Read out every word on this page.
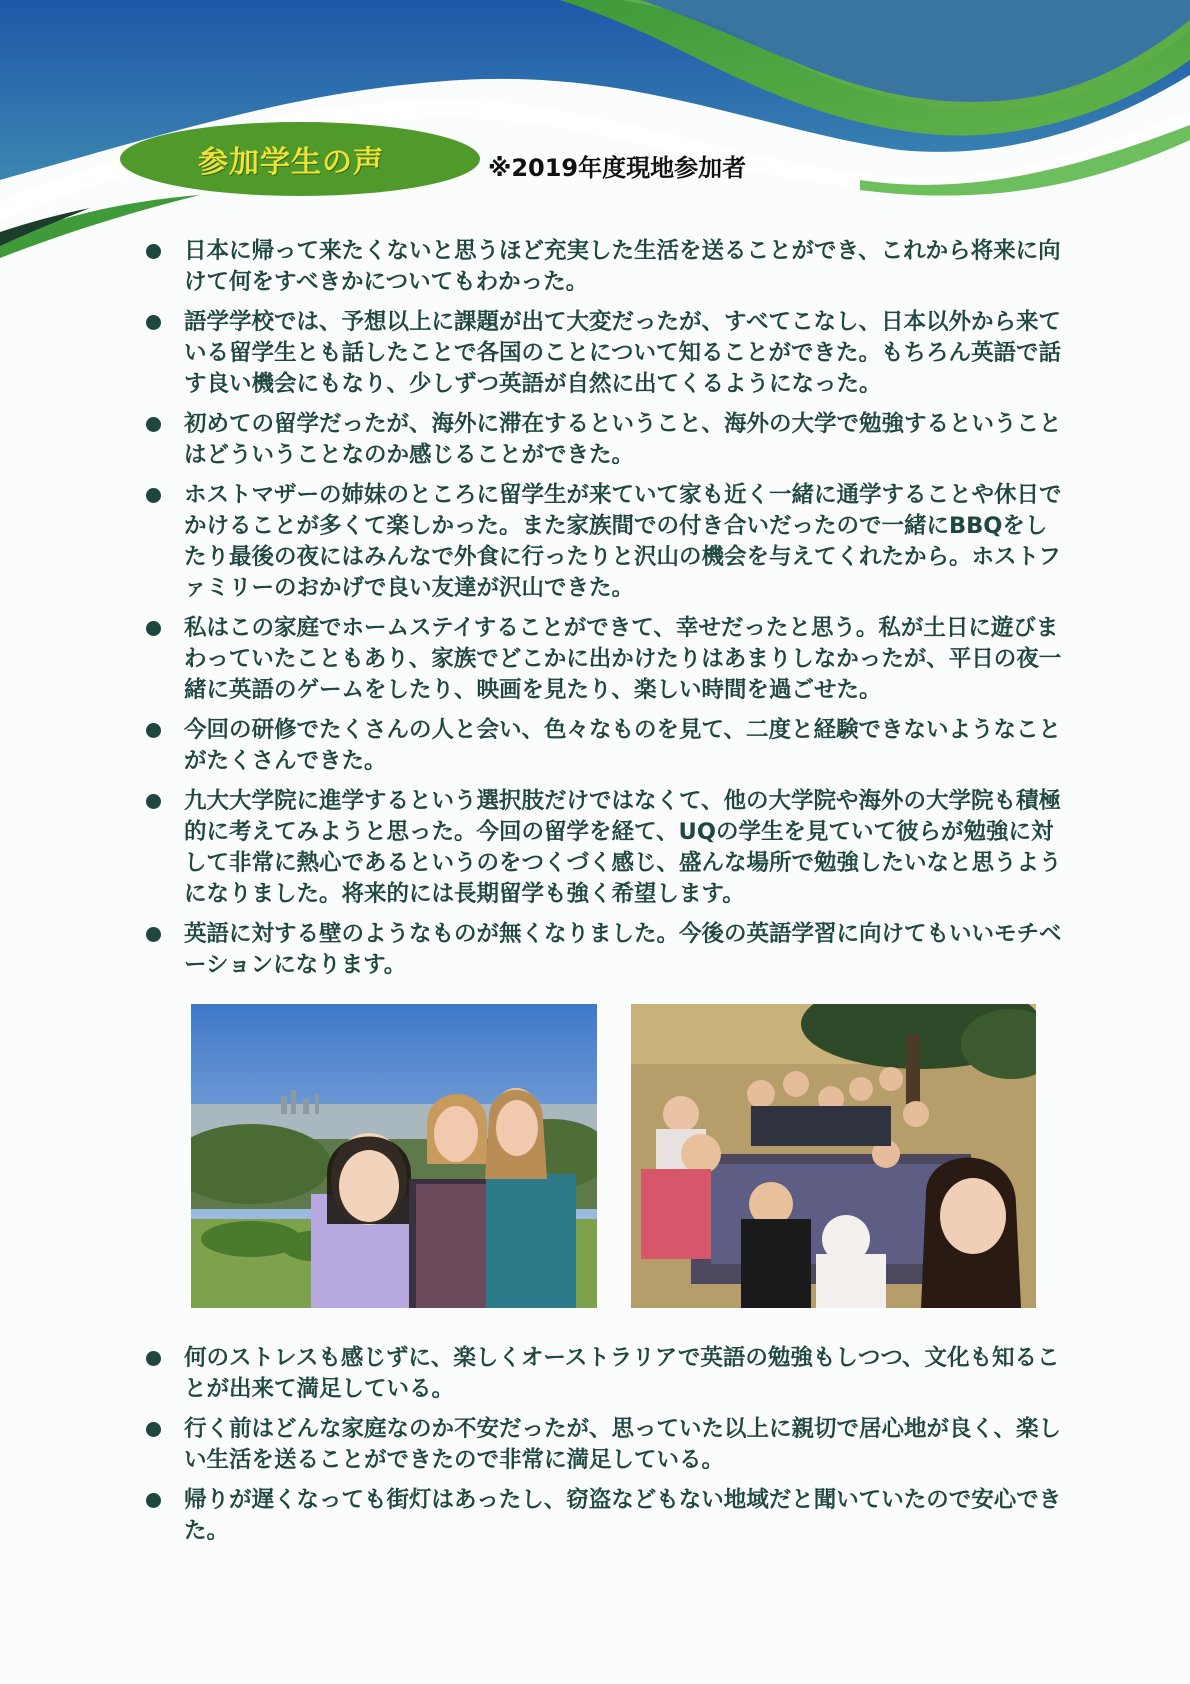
参加学生の声	※2019年度現地参加者
日本に帰って来たくないと思うほど充実した生活を送ることができ、これから将来に向けて何をすべきかについてもわかった。
語学学校では、予想以上に課題が出て大変だったが、すべてこなし、日本以外から来ている留学生とも話したことで各国のことについて知ることができた。もちろん英語で話す良い機会にもなり、少しずつ英語が自然に出てくるようになった。
初めての留学だったが、海外に滞在するということ、海外の大学で勉強するということはどういうことなのか感じることができた。
ホストマザーの姉妹のところに留学生が来ていて家も近く一緒に通学することや休日でかけることが多くて楽しかった。また家族間での付き合いだったので一緒にBBQをしたり最後の夜にはみんなで外食に行ったりと沢山の機会を与えてくれたから。ホストファミリーのおかげで良い友達が沢山できた。
私はこの家庭でホームステイすることができて、幸せだったと思う。私が土日に遊びまわっていたこともあり、家族でどこかに出かけたりはあまりしなかったが、平日の夜一緒に英語のゲームをしたり、映画を見たり、楽しい時間を過ごせた。
今回の研修でたくさんの人と会い、色々なものを見て、二度と経験できないようなことがたくさんできた。
九大大学院に進学するという選択肢だけではなくて、他の大学院や海外の大学院も積極的に考えてみようと思った。今回の留学を経て、UQの学生を見ていて彼らが勉強に対して非常に熱心であるというのをつくづく感じ、盛んな場所で勉強したいなと思うようになりました。将来的には長期留学も強く希望します。
英語に対する壁のようなものが無くなりました。今後の英語学習に向けてもいいモチベーションになります。
何のストレスも感じずに、楽しくオーストラリアで英語の勉強もしつつ、文化も知ることが出来て満足している。
行く前はどんな家庭なのか不安だったが、思っていた以上に親切で居心地が良く、楽しい生活を送ることができたので非常に満足している。
帰りが遅くなっても街灯はあったし、窃盗などもない地域だと聞いていたので安心できた。
